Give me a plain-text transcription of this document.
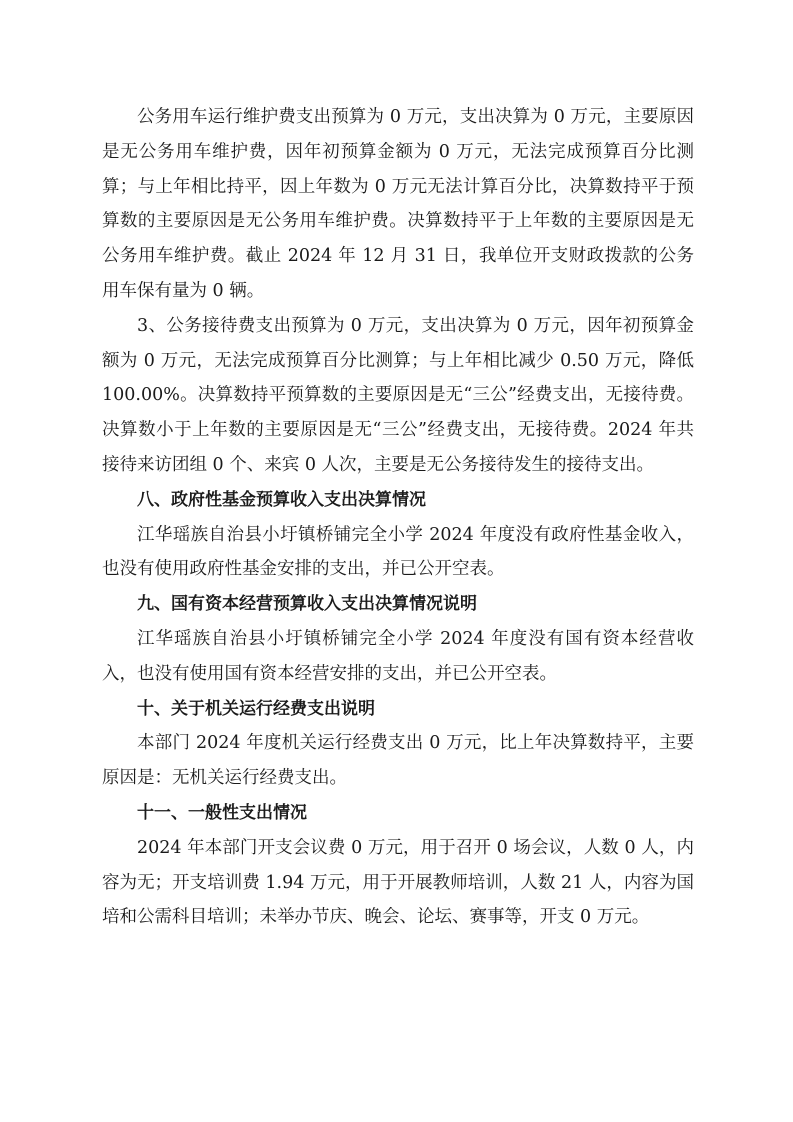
公务用车运行维护费支出预算为 0 万元，支出决算为 0 万元，主要原因是无公务用车维护费，因年初预算金额为 0 万元，无法完成预算百分比测算；与上年相比持平，因上年数为 0 万元无法计算百分比，决算数持平于预算数的主要原因是无公务用车维护费。决算数持平于上年数的主要原因是无公务用车维护费。截止 2024 年 12 月 31 日，我单位开支财政拨款的公务用车保有量为 0 辆。

3、公务接待费支出预算为 0 万元，支出决算为 0 万元，因年初预算金额为 0 万元，无法完成预算百分比测算；与上年相比减少 0.50 万元，降低 100.00%。决算数持平预算数的主要原因是无“三公”经费支出，无接待费。决算数小于上年数的主要原因是无“三公”经费支出，无接待费。2024 年共接待来访团组 0 个、来宾 0 人次，主要是无公务接待发生的接待支出。

八、政府性基金预算收入支出决算情况

江华瑶族自治县小圩镇桥铺完全小学 2024 年度没有政府性基金收入，也没有使用政府性基金安排的支出，并已公开空表。

九、国有资本经营预算收入支出决算情况说明

江华瑶族自治县小圩镇桥铺完全小学 2024 年度没有国有资本经营收入，也没有使用国有资本经营安排的支出，并已公开空表。

十、关于机关运行经费支出说明

本部门 2024 年度机关运行经费支出 0 万元，比上年决算数持平，主要原因是：无机关运行经费支出。

十一、一般性支出情况

2024 年本部门开支会议费 0 万元，用于召开 0 场会议，人数 0 人，内容为无；开支培训费 1.94 万元，用于开展教师培训，人数 21 人，内容为国培和公需科目培训；未举办节庆、晚会、论坛、赛事等，开支 0 万元。
